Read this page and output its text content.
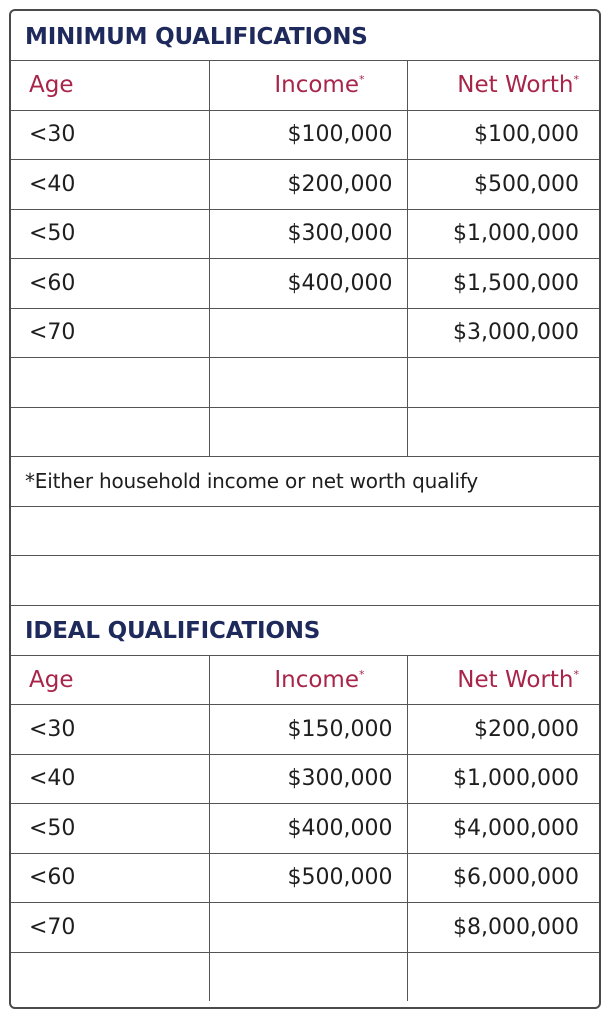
MINIMUM QUALIFICATIONS		
Age	Income*	Net Worth*
<30	$100,000	$100,000
<40	$200,000	$500,000
<50	$300,000	$1,000,000
<60	$400,000	$1,500,000
<70		$3,000,000

*Either household income or net worth qualify		

IDEAL QUALIFICATIONS		
Age	Income*	Net Worth*
<30	$150,000	$200,000
<40	$300,000	$1,000,000
<50	$400,000	$4,000,000
<60	$500,000	$6,000,000
<70		$8,000,000
